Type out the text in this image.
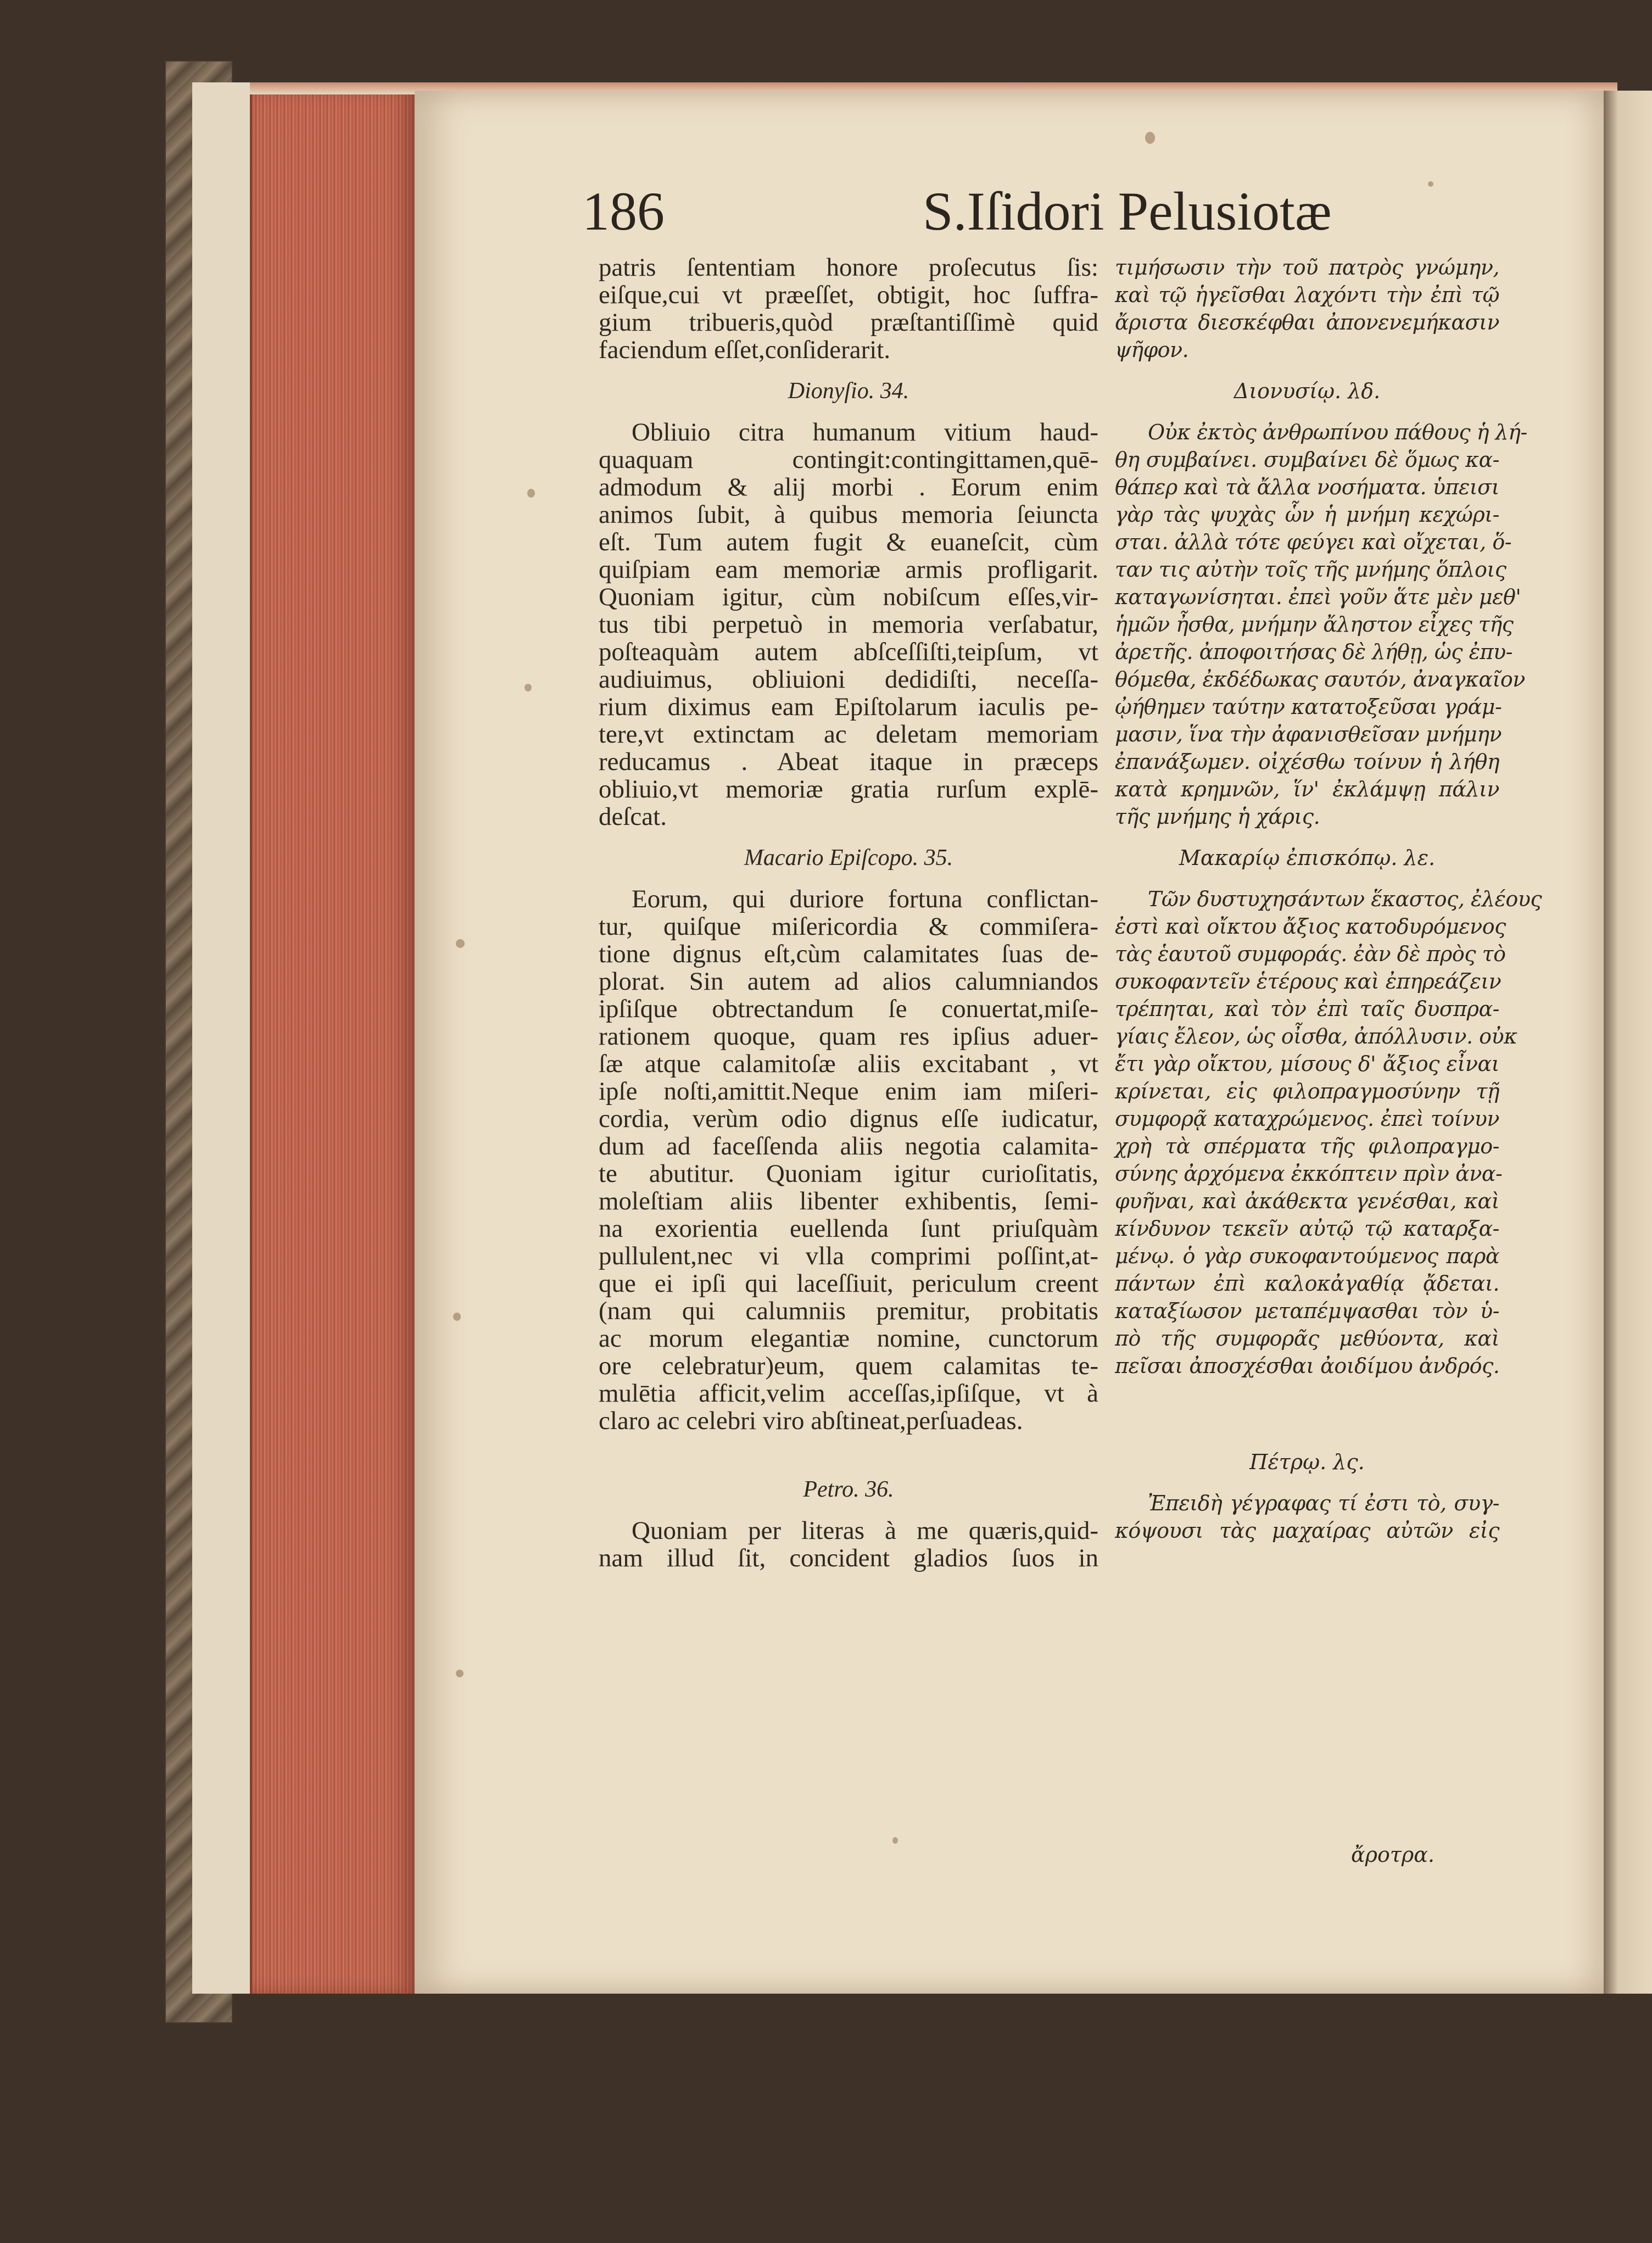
186	S.Iſidori Pelusiotæ
patris ſententiam honore proſecutus ſis:
eiſque,cui vt præeſſet, obtigit, hoc ſuffra-
gium tribueris,quòd præſtantiſſimè quid
faciendum eſſet,conſiderarit.
Dionyſio. 34.
Obliuio citra humanum vitium haud-
quaquam contingit:contingittamen,quē-
admodum & alij morbi . Eorum enim
animos ſubit, à quibus memoria ſeiuncta
eſt. Tum autem fugit & euaneſcit, cùm
quiſpiam eam memoriæ armis profligarit.
Quoniam igitur, cùm nobiſcum eſſes,vir-
tus tibi perpetuò in memoria verſabatur,
poſteaquàm autem abſceſſiſti,teipſum, vt
audiuimus, obliuioni dedidiſti, neceſſa-
rium diximus eam Epiſtolarum iaculis pe-
tere,vt extinctam ac deletam memoriam
reducamus . Abeat itaque in præceps
obliuio,vt memoriæ gratia rurſum explē-
deſcat.
Macario Epiſcopo. 35.
Eorum, qui duriore fortuna conflictan-
tur, quiſque miſericordia & commiſera-
tione dignus eſt,cùm calamitates ſuas de-
plorat. Sin autem ad alios calumniandos
ipſiſque obtrectandum ſe conuertat,miſe-
rationem quoque, quam res ipſius aduer-
ſæ atque calamitoſæ aliis excitabant , vt
ipſe noſti,amittit.Neque enim iam miſeri-
cordia, verùm odio dignus eſſe iudicatur,
dum ad faceſſenda aliis negotia calamita-
te abutitur. Quoniam igitur curioſitatis,
moleſtiam aliis libenter exhibentis, ſemi-
na exorientia euellenda ſunt priuſquàm
pullulent,nec vi vlla comprimi poſſint,at-
que ei ipſi qui laceſſiuit, periculum creent
(nam qui calumniis premitur, probitatis
ac morum elegantiæ nomine, cunctorum
ore celebratur)eum, quem calamitas te-
mulētia afficit,velim acceſſas,ipſiſque, vt à
claro ac celebri viro abſtineat,perſuadeas.
Petro. 36.
Quoniam per literas à me quæris,quid-
nam illud ſit, concident gladios ſuos in
τιμήσωσιν τὴν τοῦ πατρὸς γνώμην,
καὶ τῷ ἡγεῖσθαι λαχόντι τὴν ἐπὶ τῷ
ἄριστα διεσκέφθαι ἀπονενεμήκασιν
ψῆφον.
Διονυσίῳ. λδ.
Οὐκ ἐκτὸς ἀνθρωπίνου πάθους ἡ λή-
θη συμβαίνει. συμβαίνει δὲ ὅμως κα-
θάπερ καὶ τὰ ἄλλα νοσήματα. ὑπεισι
γὰρ τὰς ψυχὰς ὧν ἡ μνήμη κεχώρι-
σται. ἀλλὰ τότε φεύγει καὶ οἴχεται, ὅ-
ταν τις αὐτὴν τοῖς τῆς μνήμης ὅπλοις
καταγωνίσηται. ἐπεὶ γοῦν ἅτε μὲν μεθ'
ἡμῶν ἦσθα, μνήμην ἄληστον εἶχες τῆς
ἀρετῆς. ἀποφοιτήσας δὲ λήθῃ, ὡς ἐπυ-
θόμεθα, ἐκδέδωκας σαυτόν, ἀναγκαῖον
ᾠήθημεν ταύτην κατατοξεῦσαι γράμ-
μασιν, ἵνα τὴν ἀφανισθεῖσαν μνήμην
ἐπανάξωμεν. οἰχέσθω τοίνυν ἡ λήθη
κατὰ κρημνῶν, ἵν' ἐκλάμψῃ πάλιν
τῆς μνήμης ἡ χάρις.
Μακαρίῳ ἐπισκόπῳ. λε.
Τῶν δυστυχησάντων ἕκαστος, ἐλέους
ἐστὶ καὶ οἴκτου ἄξιος κατοδυρόμενος
τὰς ἑαυτοῦ συμφοράς. ἐὰν δὲ πρὸς τὸ
συκοφαντεῖν ἑτέρους καὶ ἐπηρεάζειν
τρέπηται, καὶ τὸν ἐπὶ ταῖς δυσπρα-
γίαις ἔλεον, ὡς οἶσθα, ἀπόλλυσιν. οὐκ
ἔτι γὰρ οἴκτου, μίσους δ' ἄξιος εἶναι
κρίνεται, εἰς φιλοπραγμοσύνην τῇ
συμφορᾷ καταχρώμενος. ἐπεὶ τοίνυν
χρὴ τὰ σπέρματα τῆς φιλοπραγμο-
σύνης ἀρχόμενα ἐκκόπτειν πρὶν ἀνα-
φυῆναι, καὶ ἀκάθεκτα γενέσθαι, καὶ
κίνδυνον τεκεῖν αὐτῷ τῷ καταρξα-
μένῳ. ὁ γὰρ συκοφαντούμενος παρὰ
πάντων ἐπὶ καλοκἀγαθίᾳ ᾄδεται.
καταξίωσον μεταπέμψασθαι τὸν ὑ-
πὸ τῆς συμφορᾶς μεθύοντα, καὶ
πεῖσαι ἀποσχέσθαι ἀοιδίμου ἀνδρός.
Πέτρῳ. λς.
Ἐπειδὴ γέγραφας τί ἐστι τὸ, συγ-
κόψουσι τὰς μαχαίρας αὐτῶν εἰς
ἄροτρα.
